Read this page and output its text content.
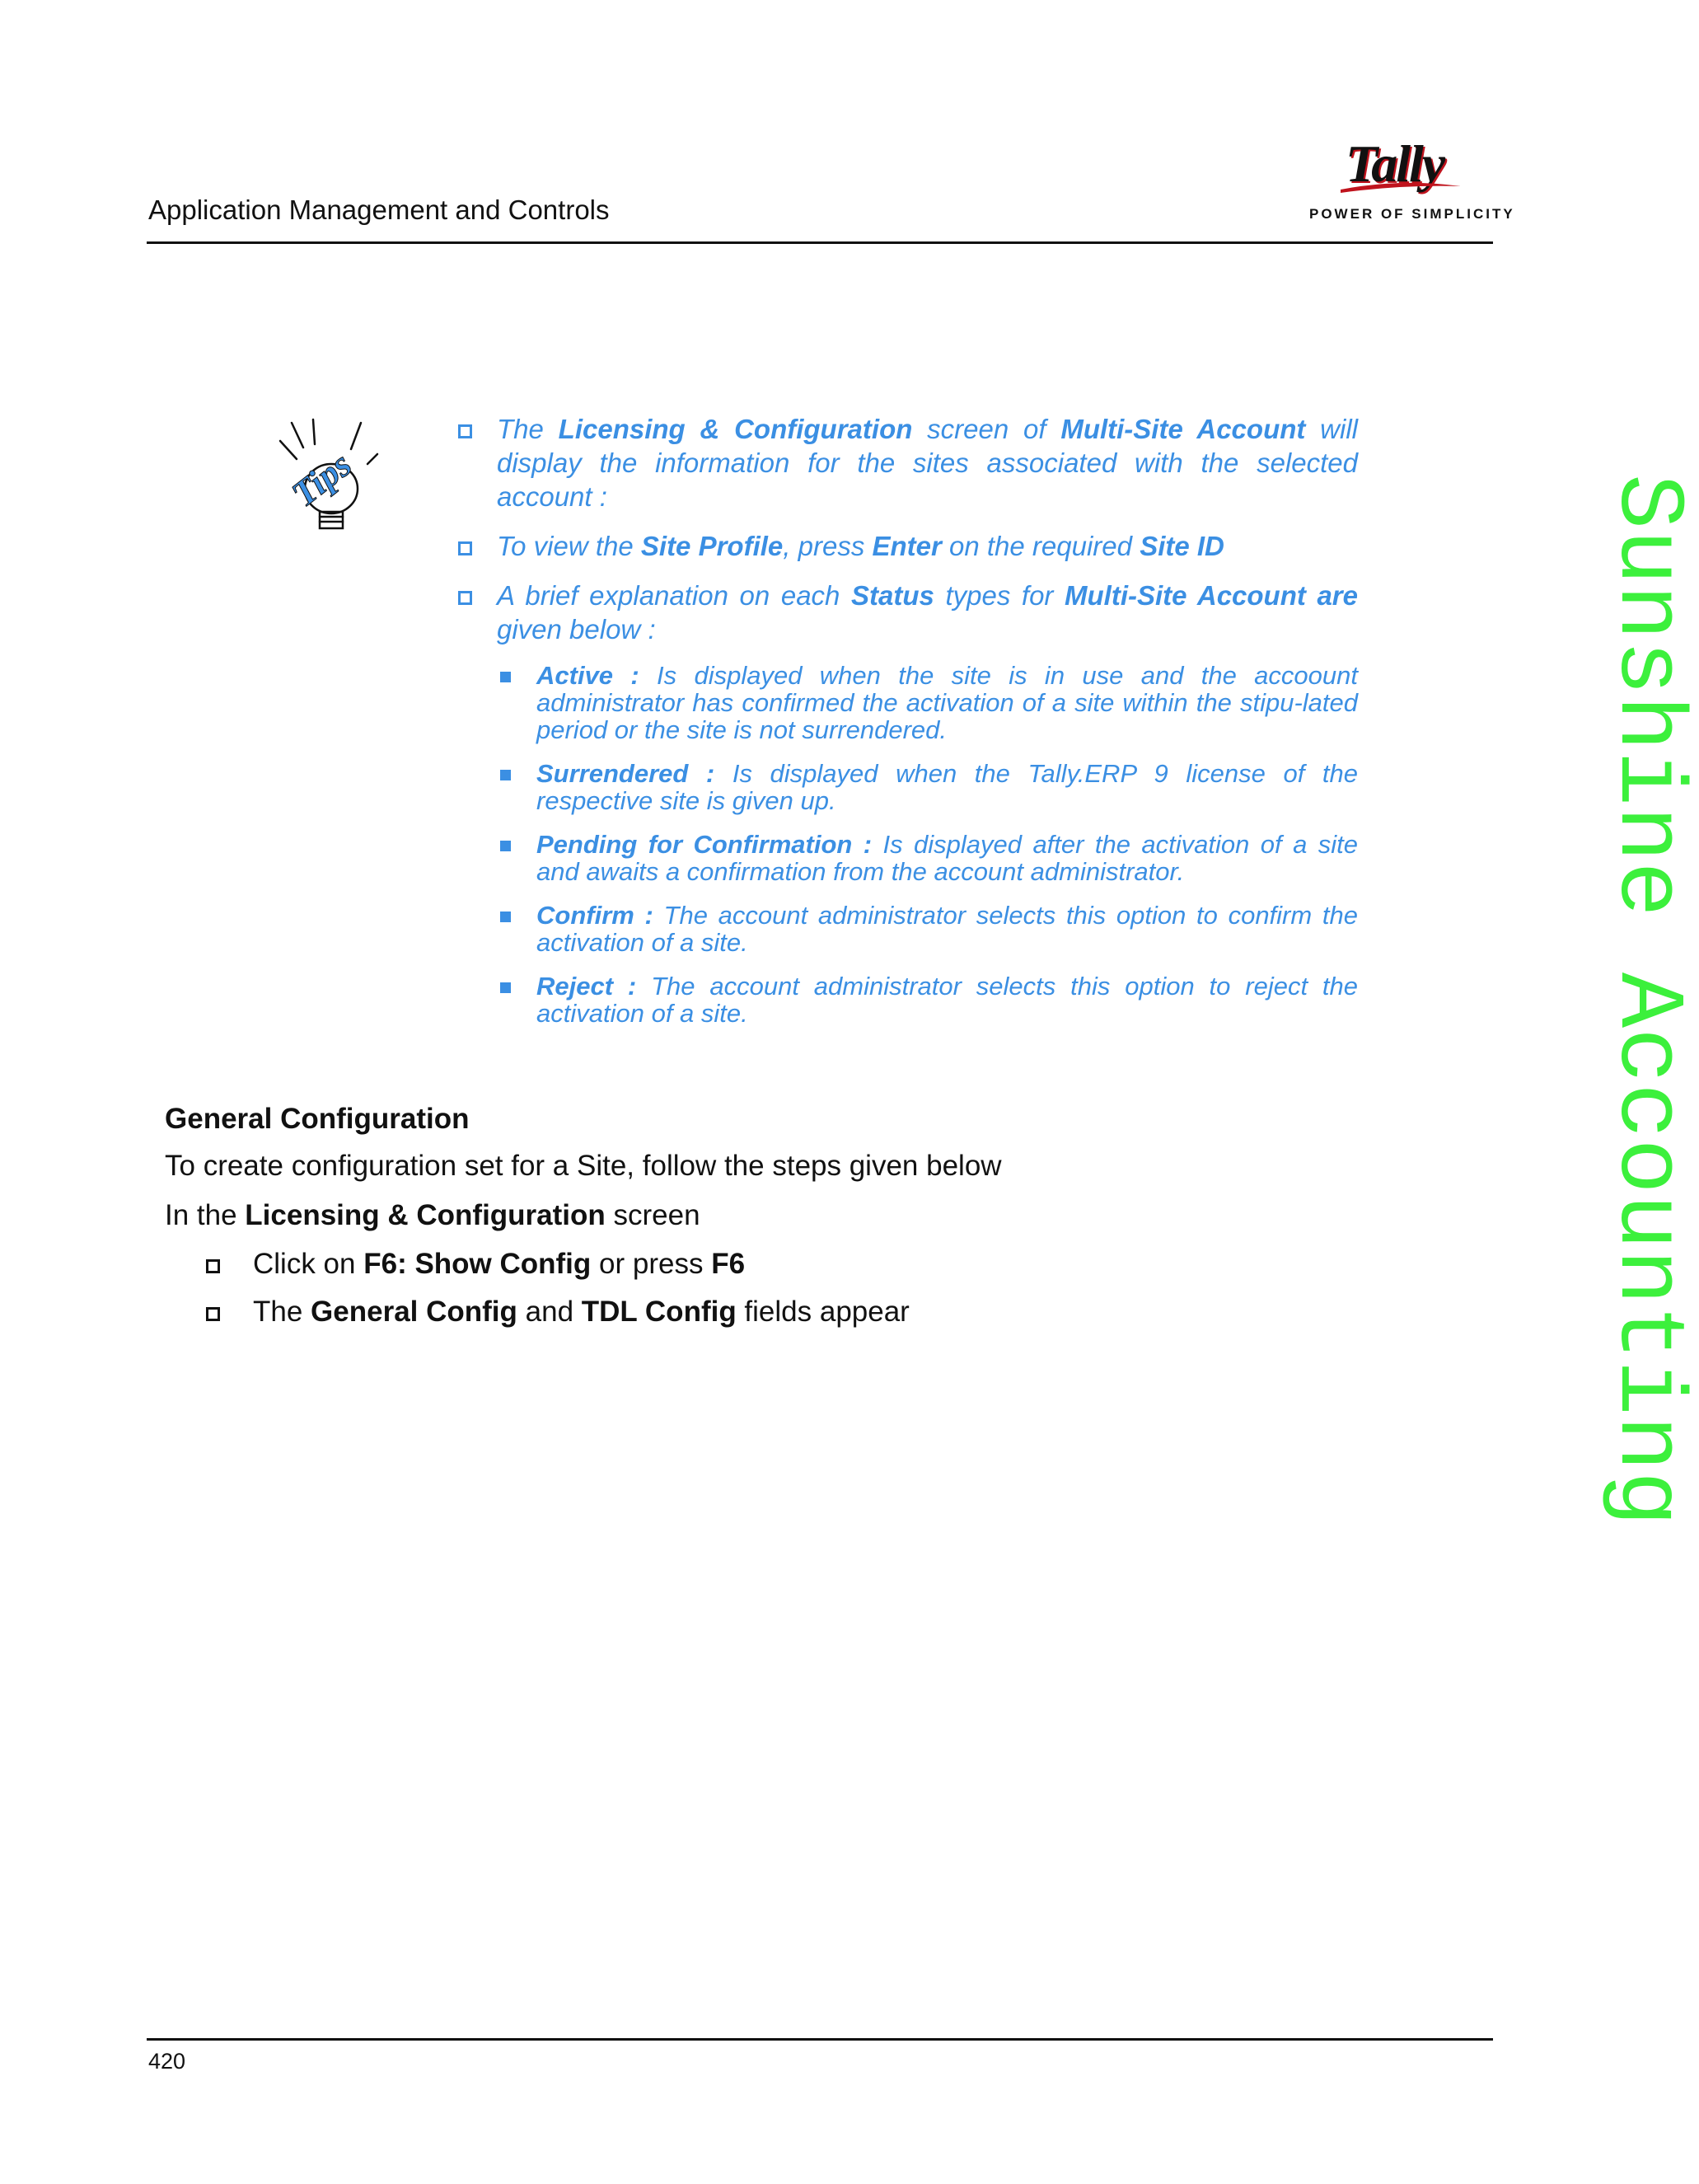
Application Management and Controls
Tally
POWER OF SIMPLICITY
Tips
The Licensing & Configuration screen of Multi-Site Account will display the information for the sites associated with the selected account :
To view the Site Profile, press Enter on the required Site ID
A brief explanation on each Status types for Multi-Site Account are given below :
Active : Is displayed when the site is in use and the accoount administrator has confirmed the activation of a site within the stipu-lated period or the site is not surrendered.
Surrendered : Is displayed when the Tally.ERP 9 license of the respective site is given up.
Pending for Confirmation : Is displayed after the activation of a site and awaits a confirmation from the account administrator.
Confirm : The account administrator selects this option to confirm the activation of a site.
Reject : The account administrator selects this option to reject the activation of a site.
General Configuration
To create configuration set for a Site, follow the steps given below
In the Licensing & Configuration screen
Click on F6: Show Config or press F6
The General Config and TDL Config fields appear
420
Sunshine Accounting
